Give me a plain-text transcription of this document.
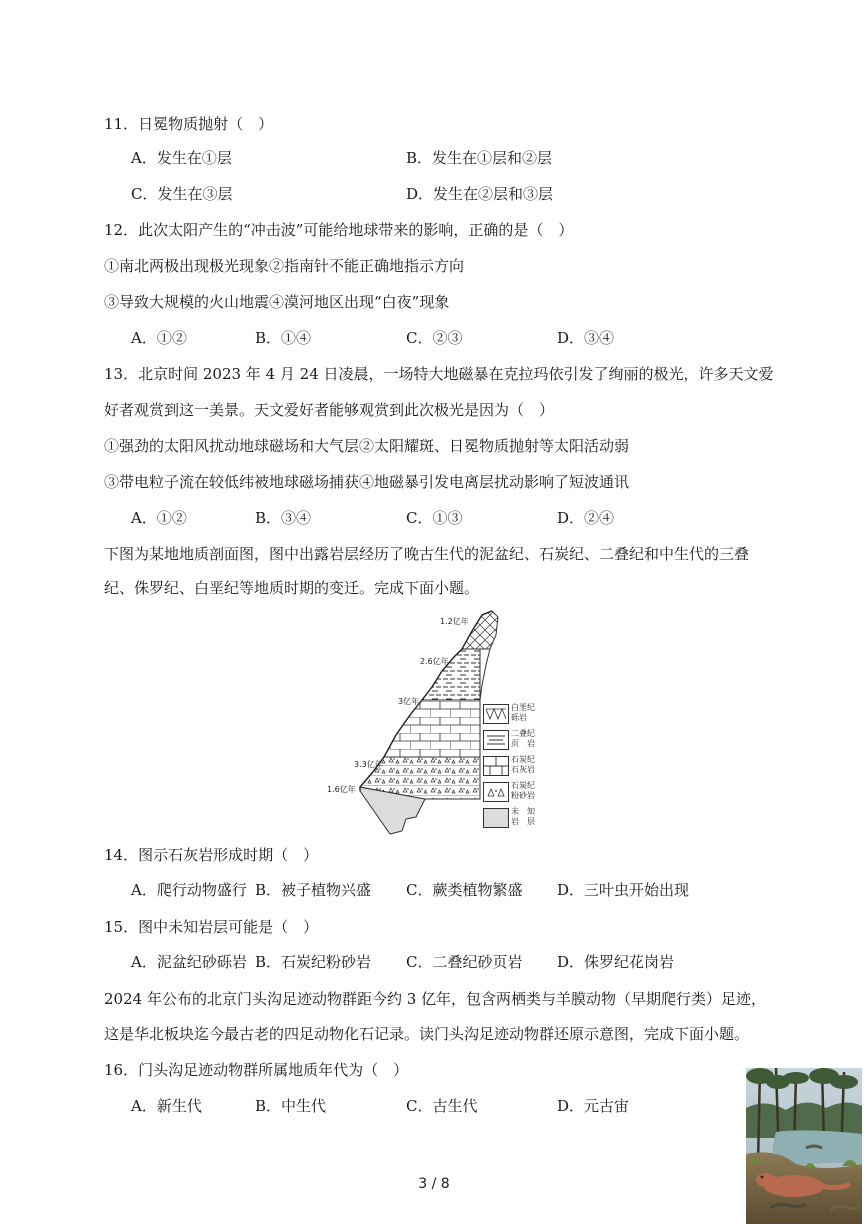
11．日冕物质抛射（　）
A．发生在①层	B．发生在①层和②层
C．发生在③层	D．发生在②层和③层
12．此次太阳产生的“冲击波”可能给地球带来的影响，正确的是（　）
①南北两极出现极光现象②指南针不能正确地指示方向
③导致大规模的火山地震④漠河地区出现“白夜”现象
A．①②	B．①④	C．②③	D．③④
13．北京时间 2023 年 4 月 24 日凌晨，一场特大地磁暴在克拉玛依引发了绚丽的极光，许多天文爱
好者观赏到这一美景。天文爱好者能够观赏到此次极光是因为（　）
①强劲的太阳风扰动地球磁场和大气层②太阳耀斑、日冕物质抛射等太阳活动弱
③带电粒子流在较低纬被地球磁场捕获④地磁暴引发电离层扰动影响了短波通讯
A．①②	B．③④	C．①③	D．②④
下图为某地地质剖面图，图中出露岩层经历了晚古生代的泥盆纪、石炭纪、二叠纪和中生代的三叠
纪、侏罗纪、白垩纪等地质时期的变迁。完成下面小题。
1.2亿年
2.6亿年
3亿年
3.3亿年
1.6亿年
白垩纪
砾岩
二叠纪
页　岩
石炭纪
石灰岩
石炭纪
粉砂岩
未　知
岩　层
14．图示石灰岩形成时期（　）
A．爬行动物盛行 B．被子植物兴盛 C．蕨类植物繁盛 D．三叶虫开始出现
15．图中未知岩层可能是（　）
A．泥盆纪砂砾岩 B．石炭纪粉砂岩 C．二叠纪砂页岩 D．侏罗纪花岗岩
2024 年公布的北京门头沟足迹动物群距今约 3 亿年，包含两栖类与羊膜动物（早期爬行类）足迹，
这是华北板块迄今最古老的四足动物化石记录。读门头沟足迹动物群还原示意图，完成下面小题。
16．门头沟足迹动物群所属地质年代为（　）
A．新生代	B．中生代	C．古生代	D．元古宙
3 / 8
